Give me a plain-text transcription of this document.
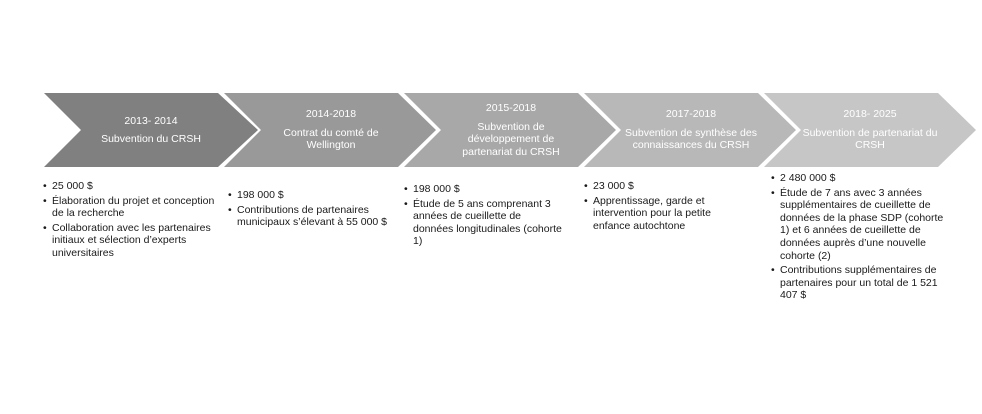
2013- 2014
Subvention du CRSH
• 25 000 $
• Élaboration du projet et conception de la recherche
• Collaboration avec les partenaires initiaux et sélection d’experts universitaires
2014-2018
Contrat du comté de Wellington
• 198 000 $
• Contributions de partenaires municipaux s’élevant à 55 000 $
2015-2018
Subvention de développement de partenariat du CRSH
• 198 000 $
• Étude de 5 ans comprenant 3 années de cueillette de données longitudinales (cohorte 1)
2017-2018
Subvention de synthèse des connaissances du CRSH
• 23 000 $
• Apprentissage, garde et intervention pour la petite enfance autochtone
2018- 2025
Subvention de partenariat du CRSH
• 2 480 000 $
• Étude de 7 ans avec 3 années supplémentaires de cueillette de données de la phase SDP (cohorte 1) et 6 années de cueillette de données auprès d’une nouvelle cohorte (2)
• Contributions supplémentaires de partenaires pour un total de 1 521 407 $
